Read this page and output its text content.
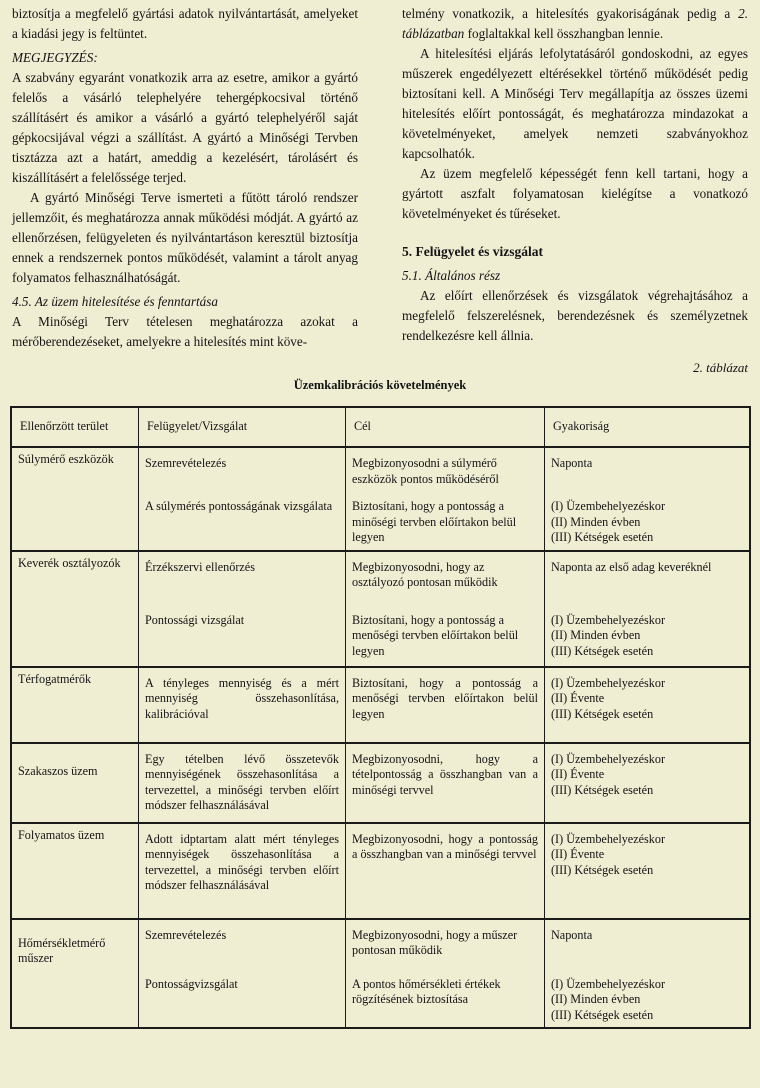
biztosítja a megfelelő gyártási adatok nyilvántartását, amelyeket a kiadási jegy is feltüntet.

MEGJEGYZÉS:

A szabvány egyaránt vonatkozik arra az esetre, amikor a gyártó felelős a vásárló telephelyére tehergépkocsival történő szállításért és amikor a vásárló a gyártó telephelyéről saját gépkocsijával végzi a szállítást. A gyártó a Minőségi Tervben tisztázza azt a határt, ameddig a kezelésért, tárolásért és kiszállításért a felelőssége terjed.

A gyártó Minőségi Terve ismerteti a fűtött tároló rendszer jellemzőit, és meghatározza annak működési módját. A gyártó az ellenőrzésen, felügyeleten és nyilvántartáson keresztül biztosítja ennek a rendszernek pontos működését, valamint a tárolt anyag folyamatos felhasználhatóságát.

4.5. Az üzem hitelesítése és fenntartása

A Minőségi Terv tételesen meghatározza azokat a mérőberendezéseket, amelyekre a hitelesítés mint köve-

telmény vonatkozik, a hitelesítés gyakoriságának pedig a 2. táblázatban foglaltakkal kell összhangban lennie.

A hitelesítési eljárás lefolytatásáról gondoskodni, az egyes műszerek engedélyezett eltérésekkel történő működését pedig biztosítani kell. A Minőségi Terv megállapítja az összes üzemi hitelesítés előírt pontosságát, és meghatározza mindazokat a követelményeket, amelyek nemzeti szabványokhoz kapcsolhatók.

Az üzem megfelelő képességét fenn kell tartani, hogy a gyártott aszfalt folyamatosan kielégítse a vonatkozó követelményeket és tűréseket.

5. Felügyelet és vizsgálat

5.1. Általános rész

Az előírt ellenőrzések és vizsgálatok végrehajtásához a megfelelő felszerelésnek, berendezésnek és személyzetnek rendelkezésre kell állnia.

2. táblázat
Üzemkalibrációs követelmények
Ellenőrzött terület	Felügyelet/Vizsgálat	Cél	Gyakoriság
Súlymérő eszközök	Szemrevételezés	Megbizonyosodni a súlymérő eszközök pontos működéséről	Naponta

	A súlymérés pontosságának vizsgálata	Biztosítani, hogy a pontosság a minőségi tervben előírtakon belül legyen	(I) Üzembehelyezéskor
(II) Minden évben
(III) Kétségek esetén

Keverék osztályozók	Érzékszervi ellenőrzés	Megbizonyosodni, hogy az osztályozó pontosan működik	Naponta az első adag keveréknél

	Pontossági vizsgálat	Biztosítani, hogy a pontosság a menőségi tervben előírtakon belül legyen	(I) Üzembehelyezéskor
(II) Minden évben
(III) Kétségek esetén

Térfogatmérők	A tényleges mennyiség és a mért mennyiség összehasonlítása, kalibrációval	Biztosítani, hogy a pontosság a menőségi tervben előírtakon belül legyen	(I) Üzembehelyezéskor
(II) Évente
(III) Kétségek esetén

Szakaszos üzem	Egy tételben lévő összetevők mennyiségének összehasonlítása a tervezettel, a minőségi tervben előírt módszer felhasználásával	Megbizonyosodni, hogy a tételpontosság a összhangban van a minőségi tervvel	(I) Üzembehelyezéskor
(II) Évente
(III) Kétségek esetén

Folyamatos üzem	Adott idptartam alatt mért tényleges mennyiségek összehasonlítása a tervezettel, a minőségi tervben előírt módszer felhasználásával	Megbizonyosodni, hogy a pontosság a összhangban van a minőségi tervvel	(I) Üzembehelyezéskor
(II) Évente
(III) Kétségek esetén

Hőmérsékletmérő műszer	Szemrevételezés	Megbizonyosodni, hogy a műszer pontosan működik	Naponta

	Pontosságvizsgálat	A pontos hőmérsékleti értékek rögzítésének biztosítása	(I) Üzembehelyezéskor
(II) Minden évben
(III) Kétségek esetén
